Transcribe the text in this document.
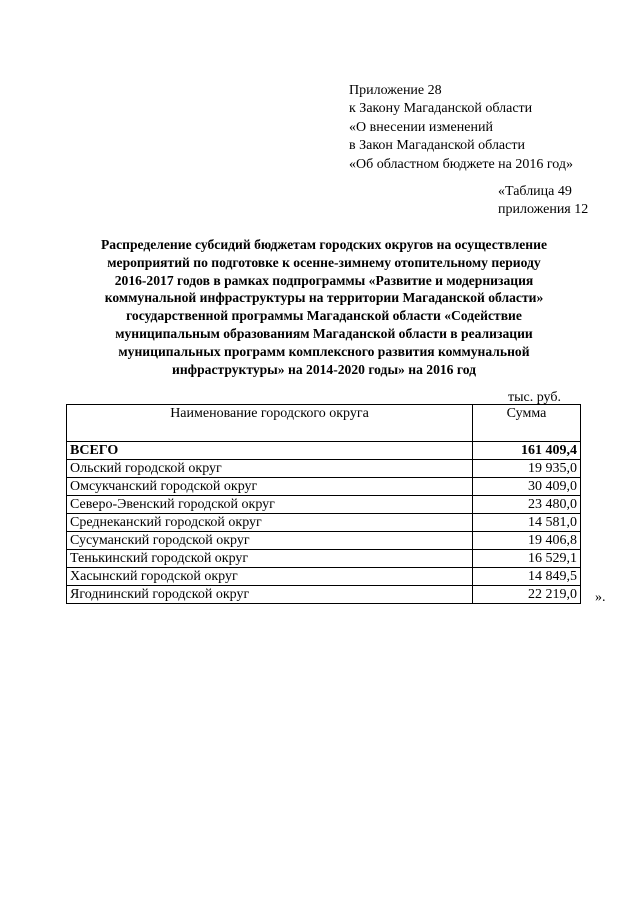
Приложение 28
к Закону Магаданской области
«О внесении изменений
в Закон Магаданской области
«Об областном бюджете на 2016 год»
«Таблица 49
приложения 12
Распределение субсидий бюджетам городских округов на осуществление
мероприятий по подготовке к осенне-зимнему отопительному периоду
2016-2017 годов в рамках подпрограммы «Развитие и модернизация
коммунальной инфраструктуры на территории Магаданской области»
государственной программы Магаданской области «Содействие
муниципальным образованиям Магаданской области в реализации
муниципальных программ комплексного развития коммунальной
инфраструктуры» на 2014-2020 годы» на 2016 год
тыс. руб.
Наименование городского округа	Сумма
ВСЕГО	161 409,4
Ольский городской округ	19 935,0
Омсукчанский городской округ	30 409,0
Северо-Эвенский городской округ	23 480,0
Среднеканский городской округ	14 581,0
Сусуманский городской округ	19 406,8
Тенькинский городской округ	16 529,1
Хасынский городской округ	14 849,5
Ягоднинский городской округ	22 219,0 ».
